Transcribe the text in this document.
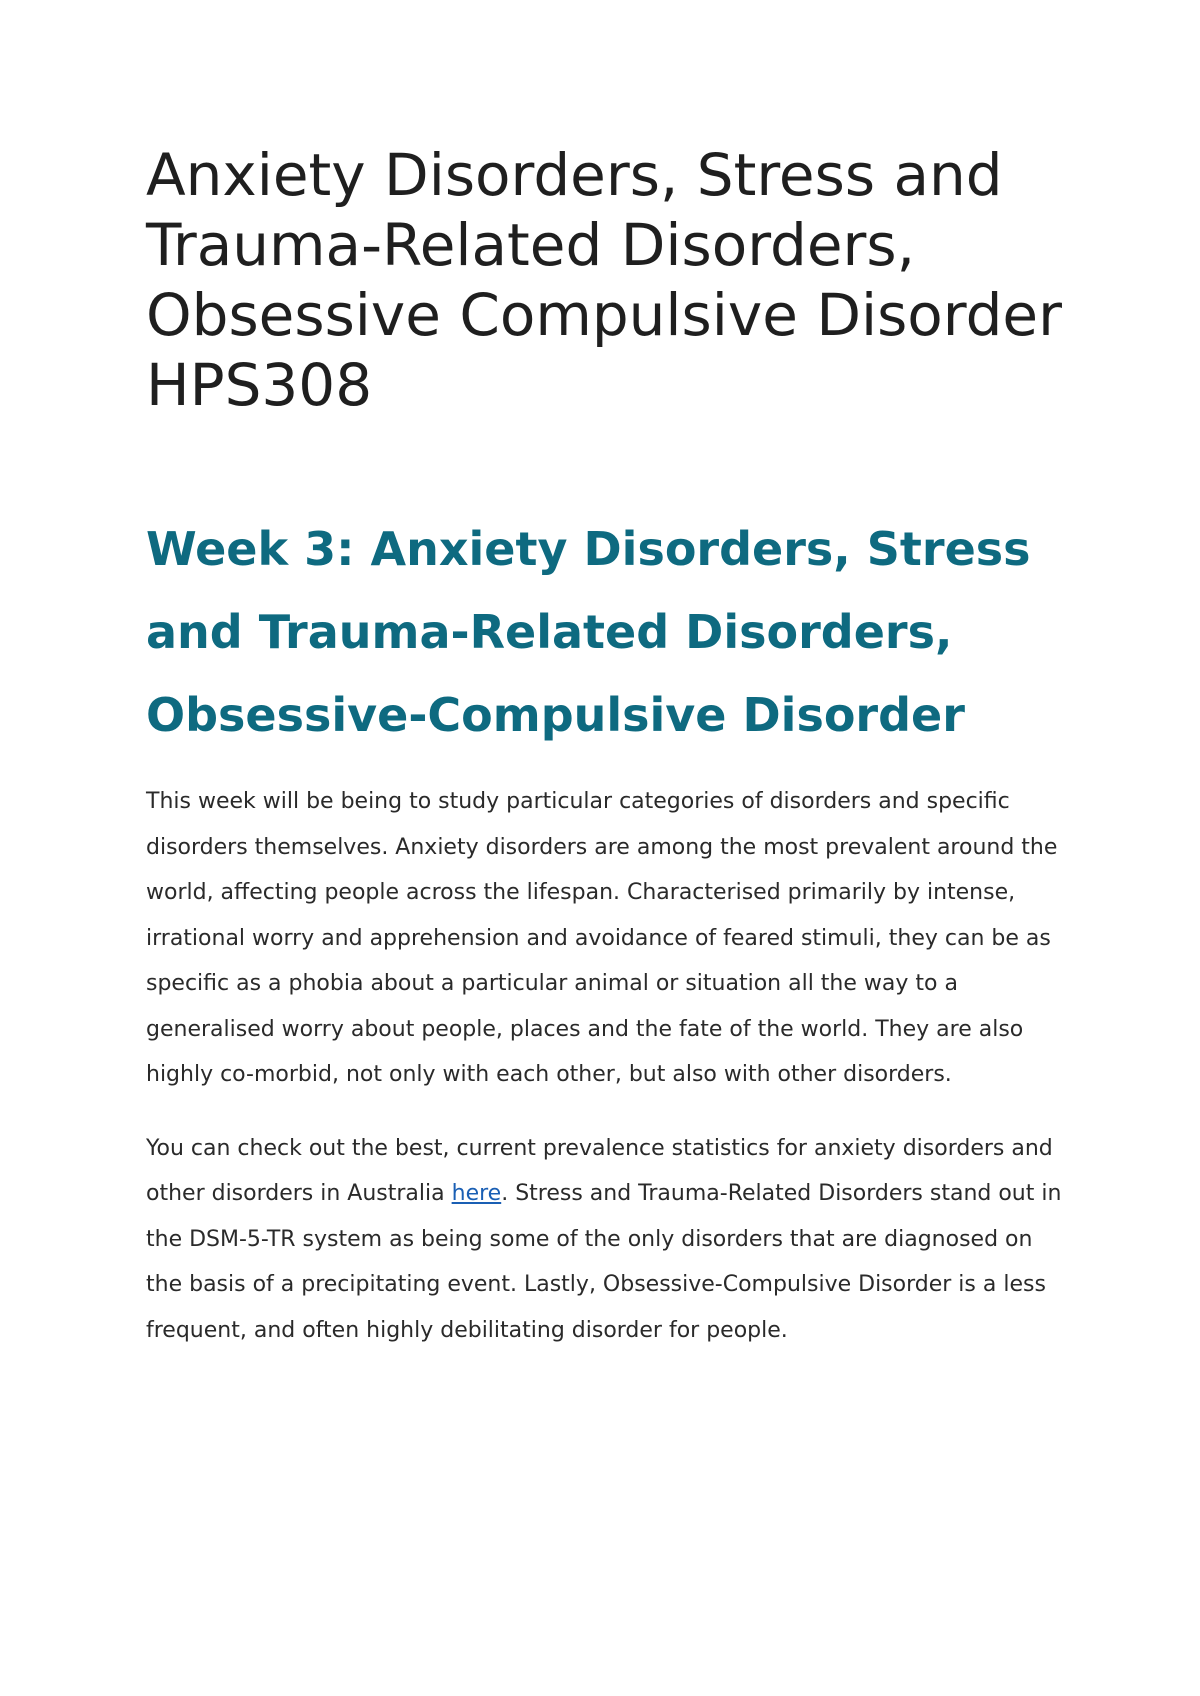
Anxiety Disorders, Stress and Trauma-Related Disorders, Obsessive Compulsive Disorder HPS308
Week 3: Anxiety Disorders, Stress and Trauma-Related Disorders, Obsessive-Compulsive Disorder

This week will be being to study particular categories of disorders and specific disorders themselves. Anxiety disorders are among the most prevalent around the world, affecting people across the lifespan. Characterised primarily by intense, irrational worry and apprehension and avoidance of feared stimuli, they can be as specific as a phobia about a particular animal or situation all the way to a generalised worry about people, places and the fate of the world. They are also highly co-morbid, not only with each other, but also with other disorders.

You can check out the best, current prevalence statistics for anxiety disorders and other disorders in Australia here. Stress and Trauma-Related Disorders stand out in the DSM-5-TR system as being some of the only disorders that are diagnosed on the basis of a precipitating event. Lastly, Obsessive-Compulsive Disorder is a less frequent, and often highly debilitating disorder for people.
